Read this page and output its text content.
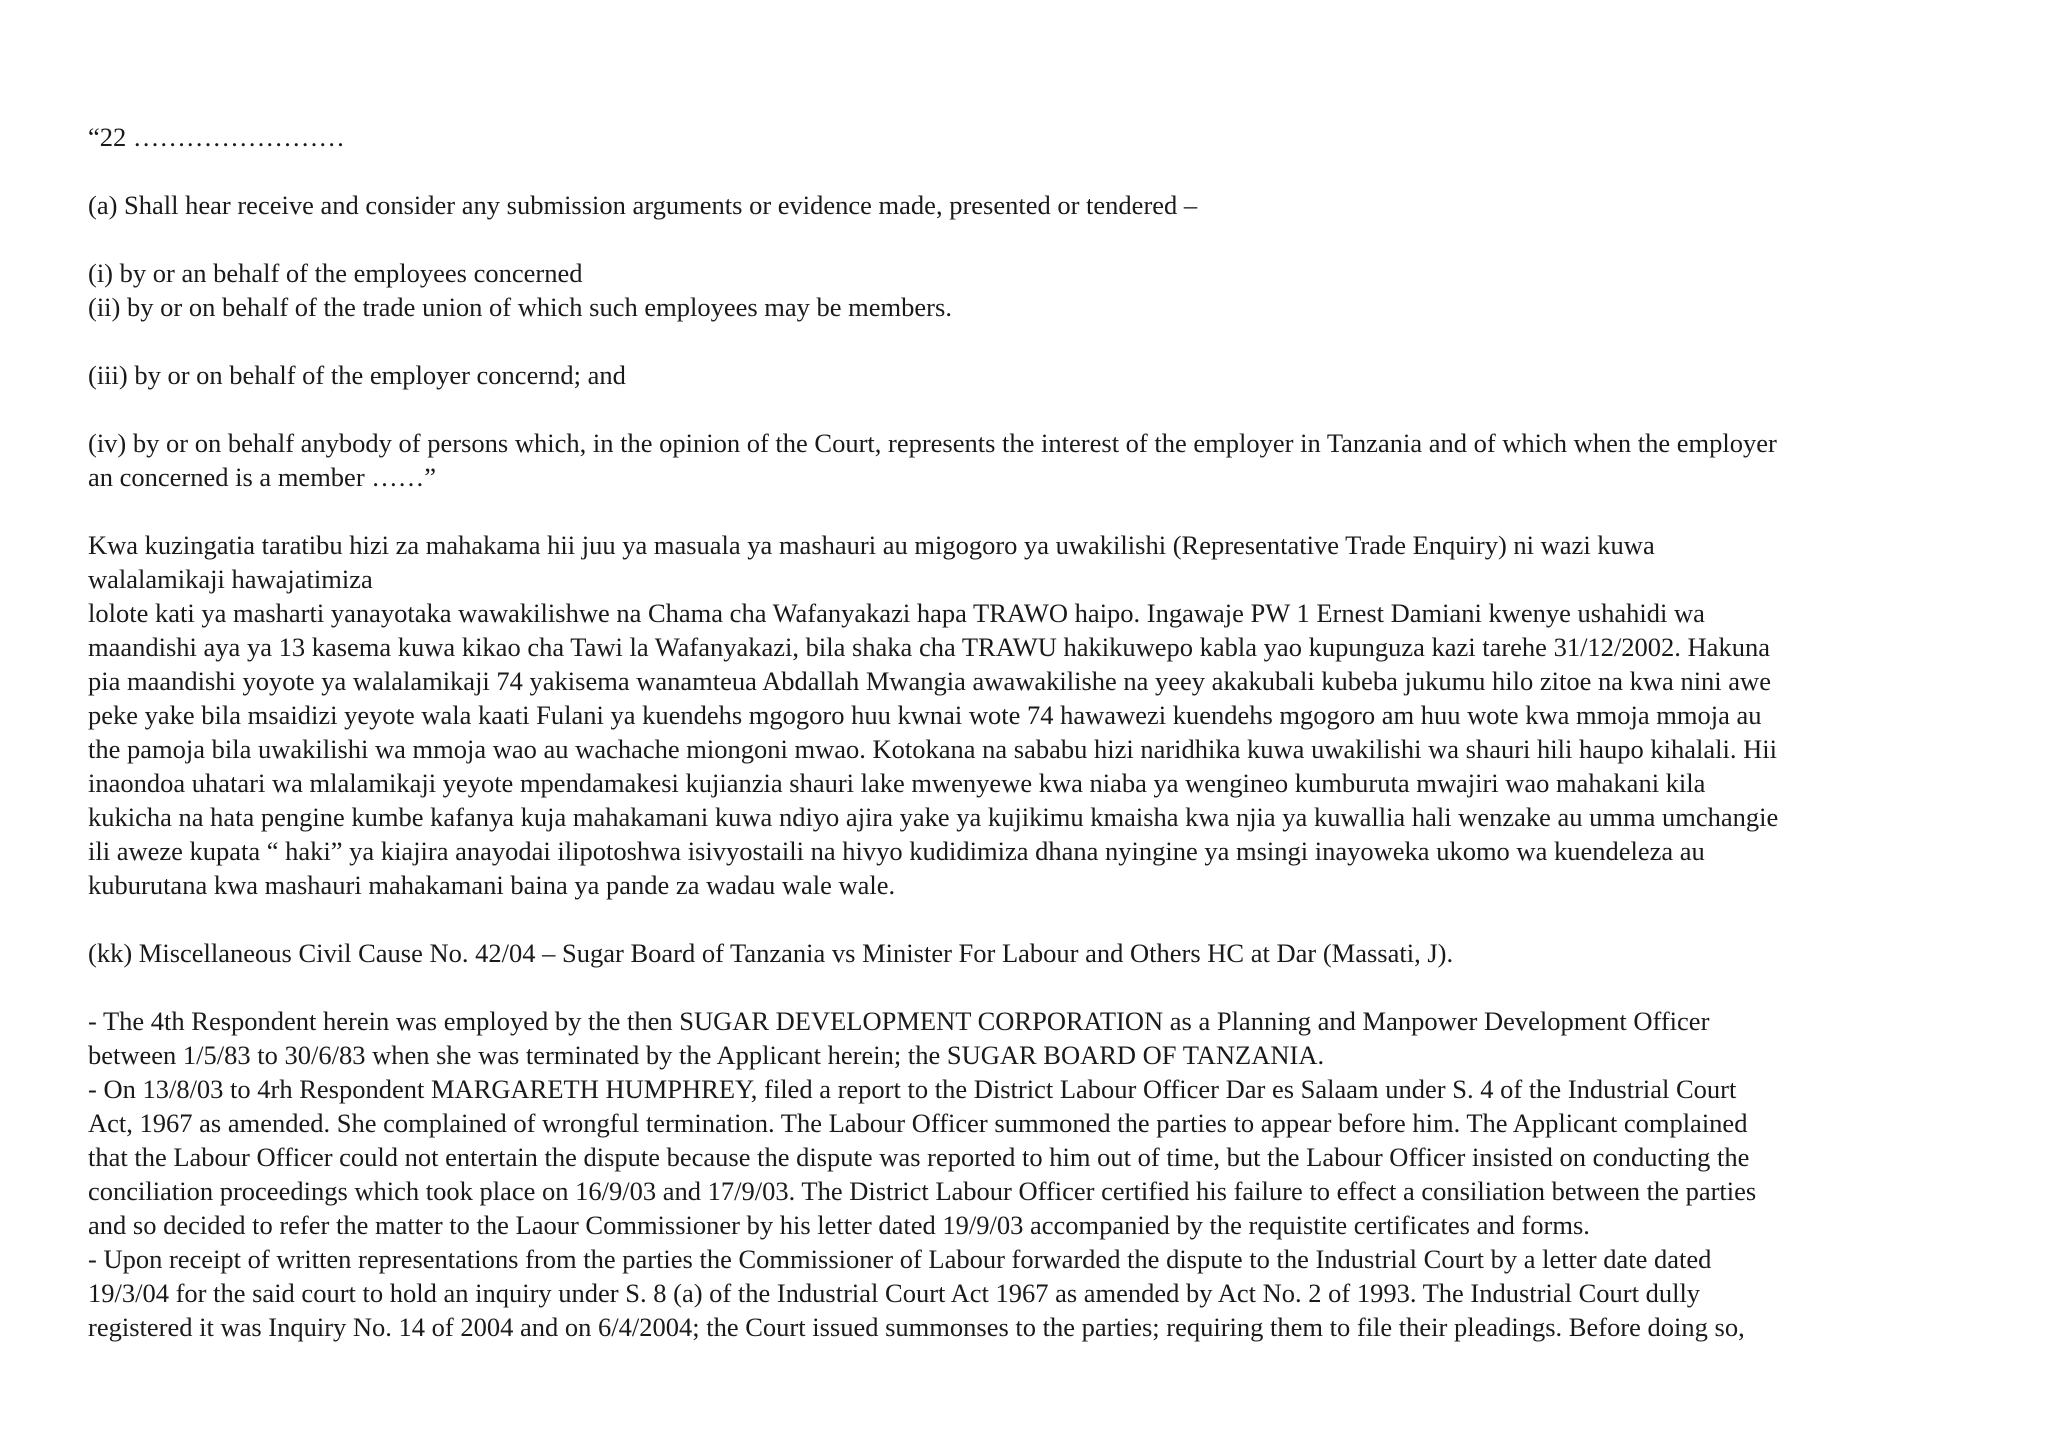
“22 ……………………

(a) Shall hear receive and consider any submission arguments or evidence made, presented or tendered –

(i) by or an behalf of the employees concerned

(ii) by or on behalf of the trade union of which such employees may be members.

(iii) by or on behalf of the employer concernd; and

(iv) by or on behalf anybody of persons which, in the opinion of the Court, represents the interest of the employer in Tanzania and of which when the employer

an concerned is a member ……”

Kwa kuzingatia taratibu hizi za mahakama hii juu ya masuala ya mashauri au migogoro ya uwakilishi (Representative Trade Enquiry) ni wazi kuwa

walalamikaji hawajatimiza

lolote kati ya masharti yanayotaka wawakilishwe na Chama cha Wafanyakazi hapa TRAWO haipo. Ingawaje PW 1 Ernest Damiani kwenye ushahidi wa

maandishi aya ya 13 kasema kuwa kikao cha Tawi la Wafanyakazi, bila shaka cha TRAWU hakikuwepo kabla yao kupunguza kazi tarehe 31/12/2002. Hakuna

pia maandishi yoyote ya walalamikaji 74 yakisema wanamteua Abdallah Mwangia awawakilishe na yeey akakubali kubeba jukumu hilo zitoe na kwa nini awe

peke yake bila msaidizi yeyote wala kaati Fulani ya kuendehs mgogoro huu kwnai wote 74 hawawezi kuendehs mgogoro am huu wote kwa mmoja mmoja au

the pamoja bila uwakilishi wa mmoja wao au wachache miongoni mwao. Kotokana na sababu hizi naridhika kuwa uwakilishi wa shauri hili haupo kihalali. Hii

inaondoa uhatari wa mlalamikaji yeyote mpendamakesi kujianzia shauri lake mwenyewe kwa niaba ya wengineo kumburuta mwajiri wao mahakani kila

kukicha na hata pengine kumbe kafanya kuja mahakamani kuwa ndiyo ajira yake ya kujikimu kmaisha kwa njia ya kuwallia hali wenzake au umma umchangie

ili aweze kupata “ haki” ya kiajira anayodai ilipotoshwa isivyostaili na hivyo kudidimiza dhana nyingine ya msingi inayoweka ukomo wa kuendeleza au

kuburutana kwa mashauri mahakamani baina ya pande za wadau wale wale.

(kk) Miscellaneous Civil Cause No. 42/04 – Sugar Board of Tanzania vs Minister For Labour and Others HC at Dar (Massati, J).

- The 4th Respondent herein was employed by the then SUGAR DEVELOPMENT CORPORATION as a Planning and Manpower Development Officer

between 1/5/83 to 30/6/83 when she was terminated by the Applicant herein; the SUGAR BOARD OF TANZANIA.

- On 13/8/03 to 4rh Respondent MARGARETH HUMPHREY, filed a report to the District Labour Officer Dar es Salaam under S. 4 of the Industrial Court

Act, 1967 as amended. She complained of wrongful termination. The Labour Officer summoned the parties to appear before him. The Applicant complained

that the Labour Officer could not entertain the dispute because the dispute was reported to him out of time, but the Labour Officer insisted on conducting the

conciliation proceedings which took place on 16/9/03 and 17/9/03. The District Labour Officer certified his failure to effect a consiliation between the parties

and so decided to refer the matter to the Laour Commissioner by his letter dated 19/9/03 accompanied by the requistite certificates and forms.

- Upon receipt of written representations from the parties the Commissioner of Labour forwarded the dispute to the Industrial Court by a letter date dated

19/3/04 for the said court to hold an inquiry under S. 8 (a) of the Industrial Court Act 1967 as amended by Act No. 2 of 1993. The Industrial Court dully

registered it was Inquiry No. 14 of 2004 and on 6/4/2004; the Court issued summonses to the parties; requiring them to file their pleadings. Before doing so,
